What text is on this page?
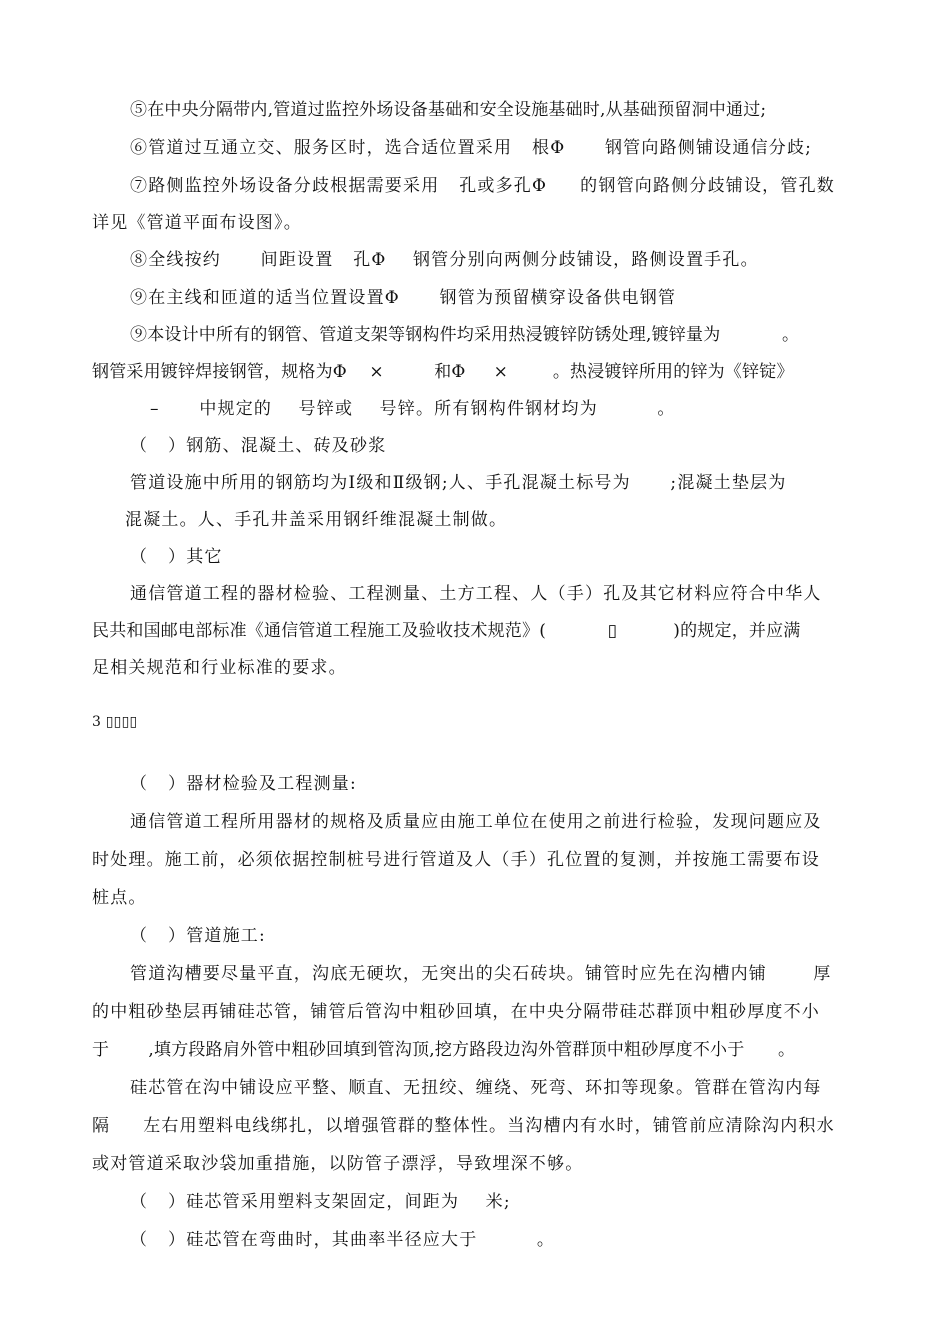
⑤在中央分隔带内,管道过监控外场设备基础和安全设施基础时,从基础预留洞中通过;
⑥管道过互通立交、服务区时，选合适位置采用   根Φ      钢管向路侧铺设通信分歧;
⑦路侧监控外场设备分歧根据需要采用   孔或多孔Φ     的钢管向路侧分歧铺设，管孔数
详见《管道平面布设图》。
⑧全线按约      间距设置   孔Φ    钢管分别向两侧分歧铺设，路侧设置手孔。
⑨在主线和匝道的适当位置设置Φ      钢管为预留横穿设备供电钢管
⑨本设计中所有的钢管、管道支架等钢构件均采用热浸镀锌防锈处理,镀锌量为           。
钢管采用镀锌焊接钢管，规格为Φ    ×         和Φ     ×        。热浸镀锌所用的锌为《锌锭》
–      中规定的    号锌或    号锌。所有钢构件钢材均为         。
（   ）钢筋、混凝土、砖及砂浆
管道设施中所用的钢筋均为Ⅰ级和Ⅱ级钢;人、手孔混凝土标号为      ;混凝土垫层为
混凝土。人、手孔井盖采用钢纤维混凝土制做。
（   ）其它
通信管道工程的器材检验、工程测量、土方工程、人（手）孔及其它材料应符合中华人
民共和国邮电部标准《通信管道工程施工及验收技术规范》(           ▯          )的规定，并应满
足相关规范和行业标准的要求。
3 ▯▯▯▯
（   ）器材检验及工程测量:
通信管道工程所用器材的规格及质量应由施工单位在使用之前进行检验，发现问题应及
时处理。施工前，必须依据控制桩号进行管道及人（手）孔位置的复测，并按施工需要布设
桩点。
（   ）管道施工:
管道沟槽要尽量平直，沟底无硬坎，无突出的尖石砖块。铺管时应先在沟槽内铺       厚
的中粗砂垫层再铺硅芯管，铺管后管沟中粗砂回填，在中央分隔带硅芯群顶中粗砂厚度不小
于       ,填方段路肩外管中粗砂回填到管沟顶,挖方路段边沟外管群顶中粗砂厚度不小于      。
硅芯管在沟中铺设应平整、顺直、无扭绞、缠绕、死弯、环扣等现象。管群在管沟内每
隔     左右用塑料电线绑扎，以增强管群的整体性。当沟槽内有水时，铺管前应清除沟内积水
或对管道采取沙袋加重措施，以防管子漂浮，导致埋深不够。
（   ）硅芯管采用塑料支架固定，间距为    米;
（   ）硅芯管在弯曲时，其曲率半径应大于         。
